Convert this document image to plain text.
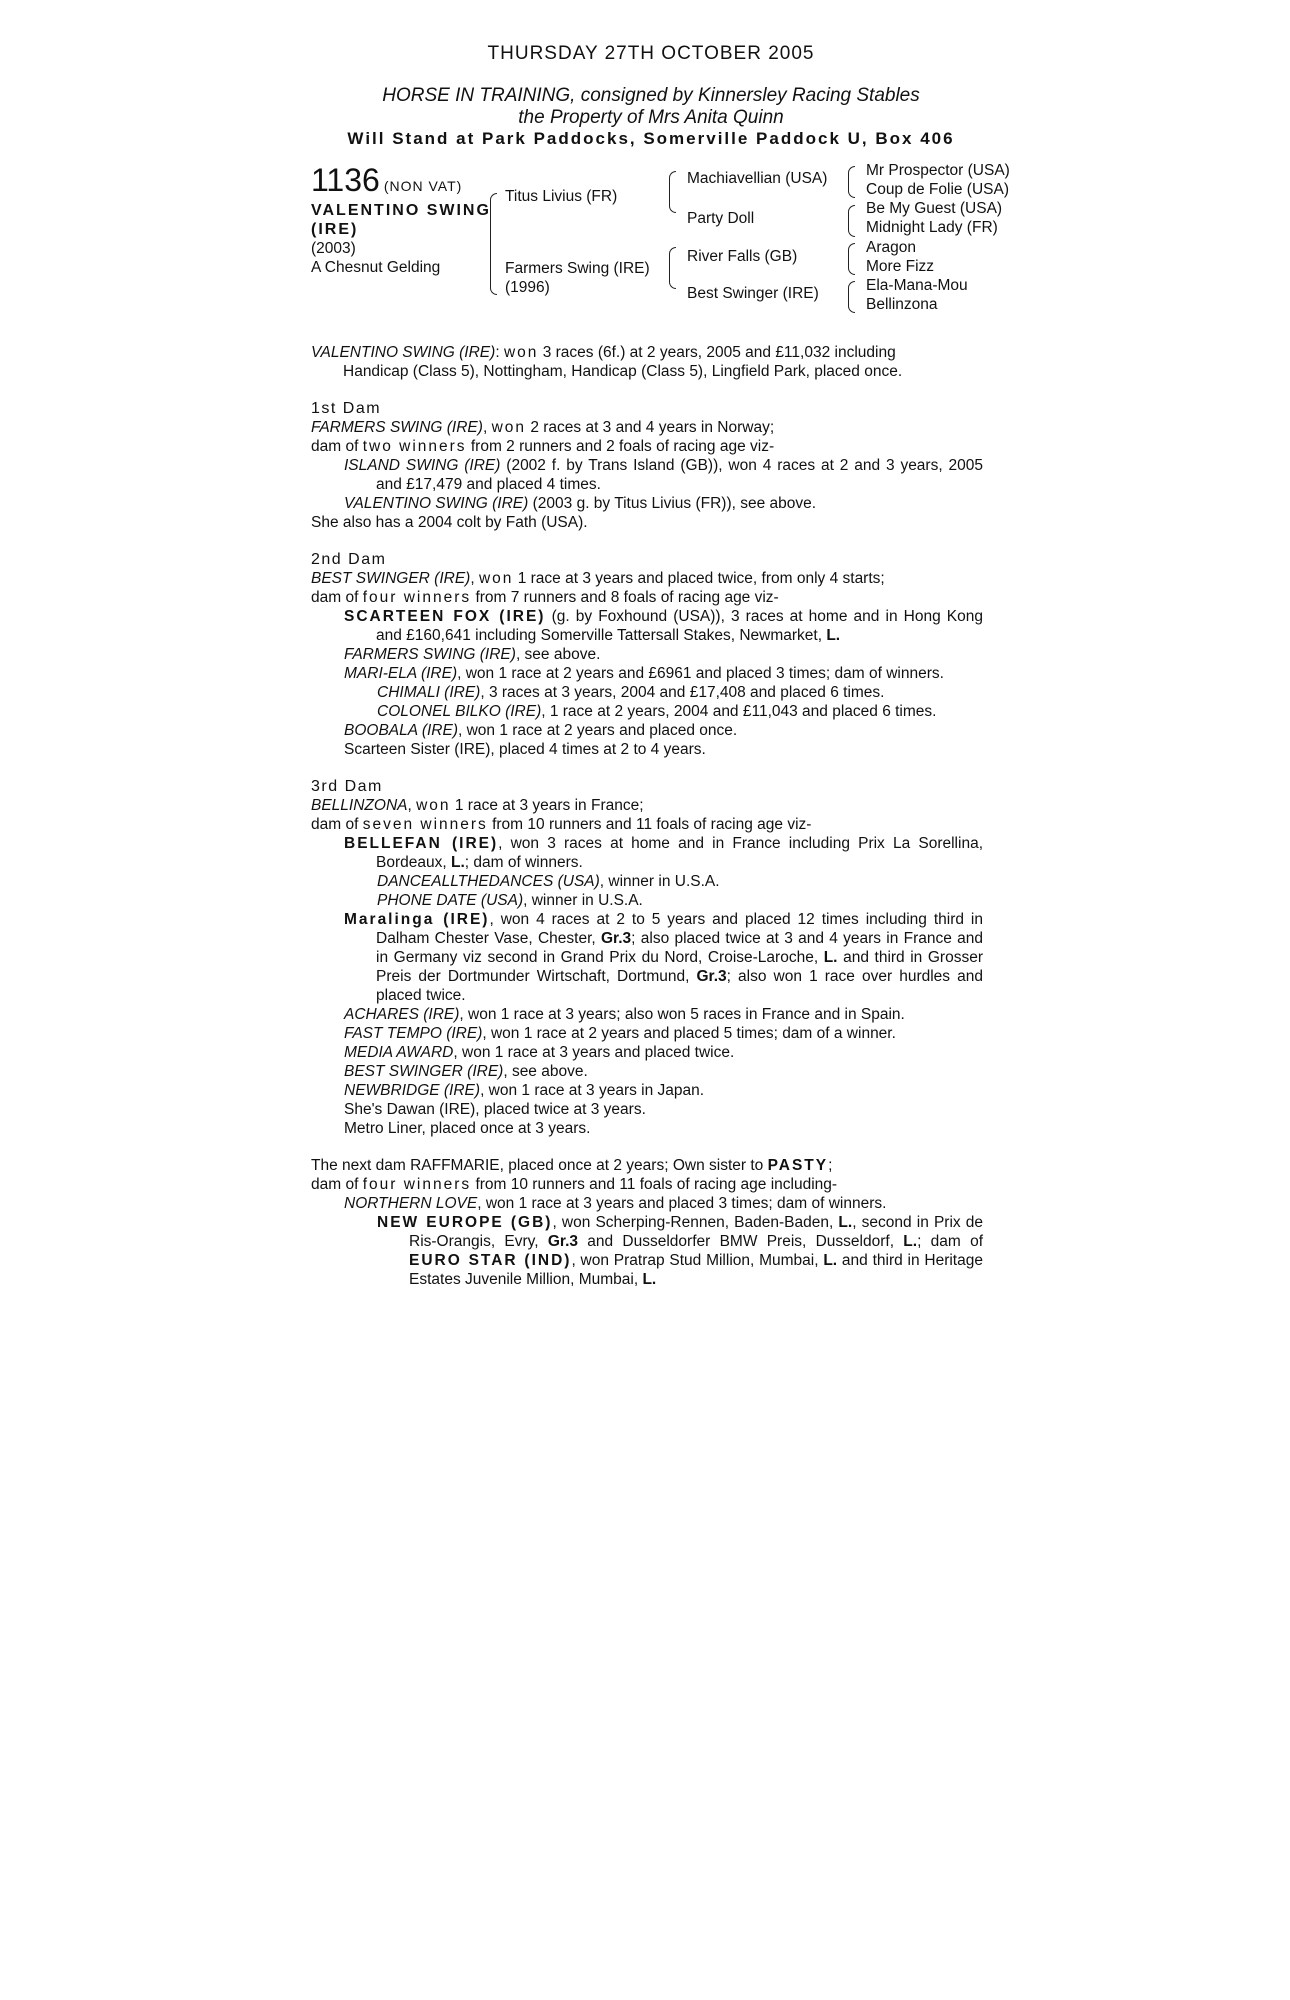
THURSDAY 27TH OCTOBER 2005
HORSE IN TRAINING, consigned by Kinnersley Racing Stables
the Property of Mrs Anita Quinn
Will Stand at Park Paddocks, Somerville Paddock U, Box 406
1136 (NON VAT)
VALENTINO SWING (IRE)
(2003)
A Chesnut Gelding
Titus Livius (FR)
Farmers Swing (IRE)
(1996)
Machiavellian (USA)
Party Doll
River Falls (GB)
Best Swinger (IRE)
Mr Prospector (USA)
Coup de Folie (USA)
Be My Guest (USA)
Midnight Lady (FR)
Aragon
More Fizz
Ela-Mana-Mou
Bellinzona

VALENTINO SWING (IRE): won 3 races (6f.) at 2 years, 2005 and £11,032 including
Handicap (Class 5), Nottingham, Handicap (Class 5), Lingfield Park, placed once.

1st Dam

FARMERS SWING (IRE), won 2 races at 3 and 4 years in Norway;

dam of two winners from 2 runners and 2 foals of racing age viz-

ISLAND SWING (IRE) (2002 f. by Trans Island (GB)), won 4 races at 2 and 3 years, 2005 and £17,479 and placed 4 times.

VALENTINO SWING (IRE) (2003 g. by Titus Livius (FR)), see above.

She also has a 2004 colt by Fath (USA).

2nd Dam

BEST SWINGER (IRE), won 1 race at 3 years and placed twice, from only 4 starts;

dam of four winners from 7 runners and 8 foals of racing age viz-

SCARTEEN FOX (IRE) (g. by Foxhound (USA)), 3 races at home and in Hong Kong and £160,641 including Somerville Tattersall Stakes, Newmarket, L.

FARMERS SWING (IRE), see above.

MARI-ELA (IRE), won 1 race at 2 years and £6961 and placed 3 times; dam of winners.

CHIMALI (IRE), 3 races at 3 years, 2004 and £17,408 and placed 6 times.

COLONEL BILKO (IRE), 1 race at 2 years, 2004 and £11,043 and placed 6 times.

BOOBALA (IRE), won 1 race at 2 years and placed once.

Scarteen Sister (IRE), placed 4 times at 2 to 4 years.

3rd Dam

BELLINZONA, won 1 race at 3 years in France;

dam of seven winners from 10 runners and 11 foals of racing age viz-

BELLEFAN (IRE), won 3 races at home and in France including Prix La Sorellina, Bordeaux, L.; dam of winners.

DANCEALLTHEDANCES (USA), winner in U.S.A.

PHONE DATE (USA), winner in U.S.A.

Maralinga (IRE), won 4 races at 2 to 5 years and placed 12 times including third in Dalham Chester Vase, Chester, Gr.3; also placed twice at 3 and 4 years in France and in Germany viz second in Grand Prix du Nord, Croise-Laroche, L. and third in Grosser Preis der Dortmunder Wirtschaft, Dortmund, Gr.3; also won 1 race over hurdles and placed twice.

ACHARES (IRE), won 1 race at 3 years; also won 5 races in France and in Spain.

FAST TEMPO (IRE), won 1 race at 2 years and placed 5 times; dam of a winner.

MEDIA AWARD, won 1 race at 3 years and placed twice.

BEST SWINGER (IRE), see above.

NEWBRIDGE (IRE), won 1 race at 3 years in Japan.

She's Dawan (IRE), placed twice at 3 years.

Metro Liner, placed once at 3 years.

The next dam RAFFMARIE, placed once at 2 years; Own sister to PASTY;

dam of four winners from 10 runners and 11 foals of racing age including-

NORTHERN LOVE, won 1 race at 3 years and placed 3 times; dam of winners.

NEW EUROPE (GB), won Scherping-Rennen, Baden-Baden, L., second in Prix de Ris-Orangis, Evry, Gr.3 and Dusseldorfer BMW Preis, Dusseldorf, L.; dam of EURO STAR (IND), won Pratrap Stud Million, Mumbai, L. and third in Heritage Estates Juvenile Million, Mumbai, L.
